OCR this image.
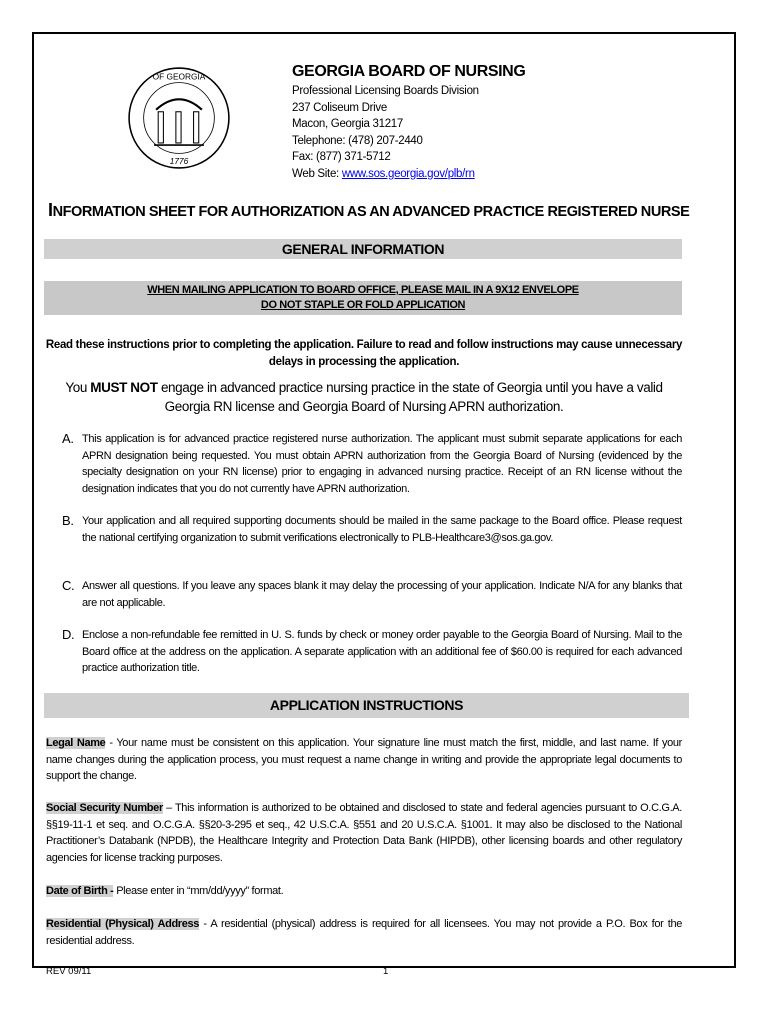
1776
OF GEORGIA	GEORGIA BOARD OF NURSING
Professional Licensing Boards Division
237 Coliseum Drive
Macon, Georgia 31217
Telephone: (478) 207-2440
Fax: (877) 371-5712
Web Site: www.sos.georgia.gov/plb/rn
INFORMATION SHEET FOR AUTHORIZATION AS AN ADVANCED PRACTICE REGISTERED NURSE
GENERAL INFORMATION
WHEN MAILING APPLICATION TO BOARD OFFICE, PLEASE MAIL IN A 9X12 ENVELOPE
DO NOT STAPLE OR FOLD APPLICATION
Read these instructions prior to completing the application. Failure to read and follow instructions may cause unnecessary delays in processing the application.
You MUST NOT engage in advanced practice nursing practice in the state of Georgia until you have a valid Georgia RN license and Georgia Board of Nursing APRN authorization.
A. This application is for advanced practice registered nurse authorization. The applicant must submit separate applications for each APRN designation being requested. You must obtain APRN authorization from the Georgia Board of Nursing (evidenced by the specialty designation on your RN license) prior to engaging in advanced nursing practice. Receipt of an RN license without the designation indicates that you do not currently have APRN authorization.
B. Your application and all required supporting documents should be mailed in the same package to the Board office. Please request the national certifying organization to submit verifications electronically to PLB-Healthcare3@sos.ga.gov.
C. Answer all questions. If you leave any spaces blank it may delay the processing of your application. Indicate N/A for any blanks that are not applicable.
D. Enclose a non-refundable fee remitted in U. S. funds by check or money order payable to the Georgia Board of Nursing. Mail to the Board office at the address on the application. A separate application with an additional fee of $60.00 is required for each advanced practice authorization title.
APPLICATION INSTRUCTIONS
Legal Name - Your name must be consistent on this application. Your signature line must match the first, middle, and last name. If your name changes during the application process, you must request a name change in writing and provide the appropriate legal documents to support the change.
Social Security Number – This information is authorized to be obtained and disclosed to state and federal agencies pursuant to O.C.G.A. §§19-11-1 et seq. and O.C.G.A. §§20-3-295 et seq., 42 U.S.C.A. §551 and 20 U.S.C.A. §1001. It may also be disclosed to the National Practitioner’s Databank (NPDB), the Healthcare Integrity and Protection Data Bank (HIPDB), other licensing boards and other regulatory agencies for license tracking purposes.
Date of Birth - Please enter in “mm/dd/yyyy” format.
Residential (Physical) Address - A residential (physical) address is required for all licensees. You may not provide a P.O. Box for the residential address.
REV 09/11	1
